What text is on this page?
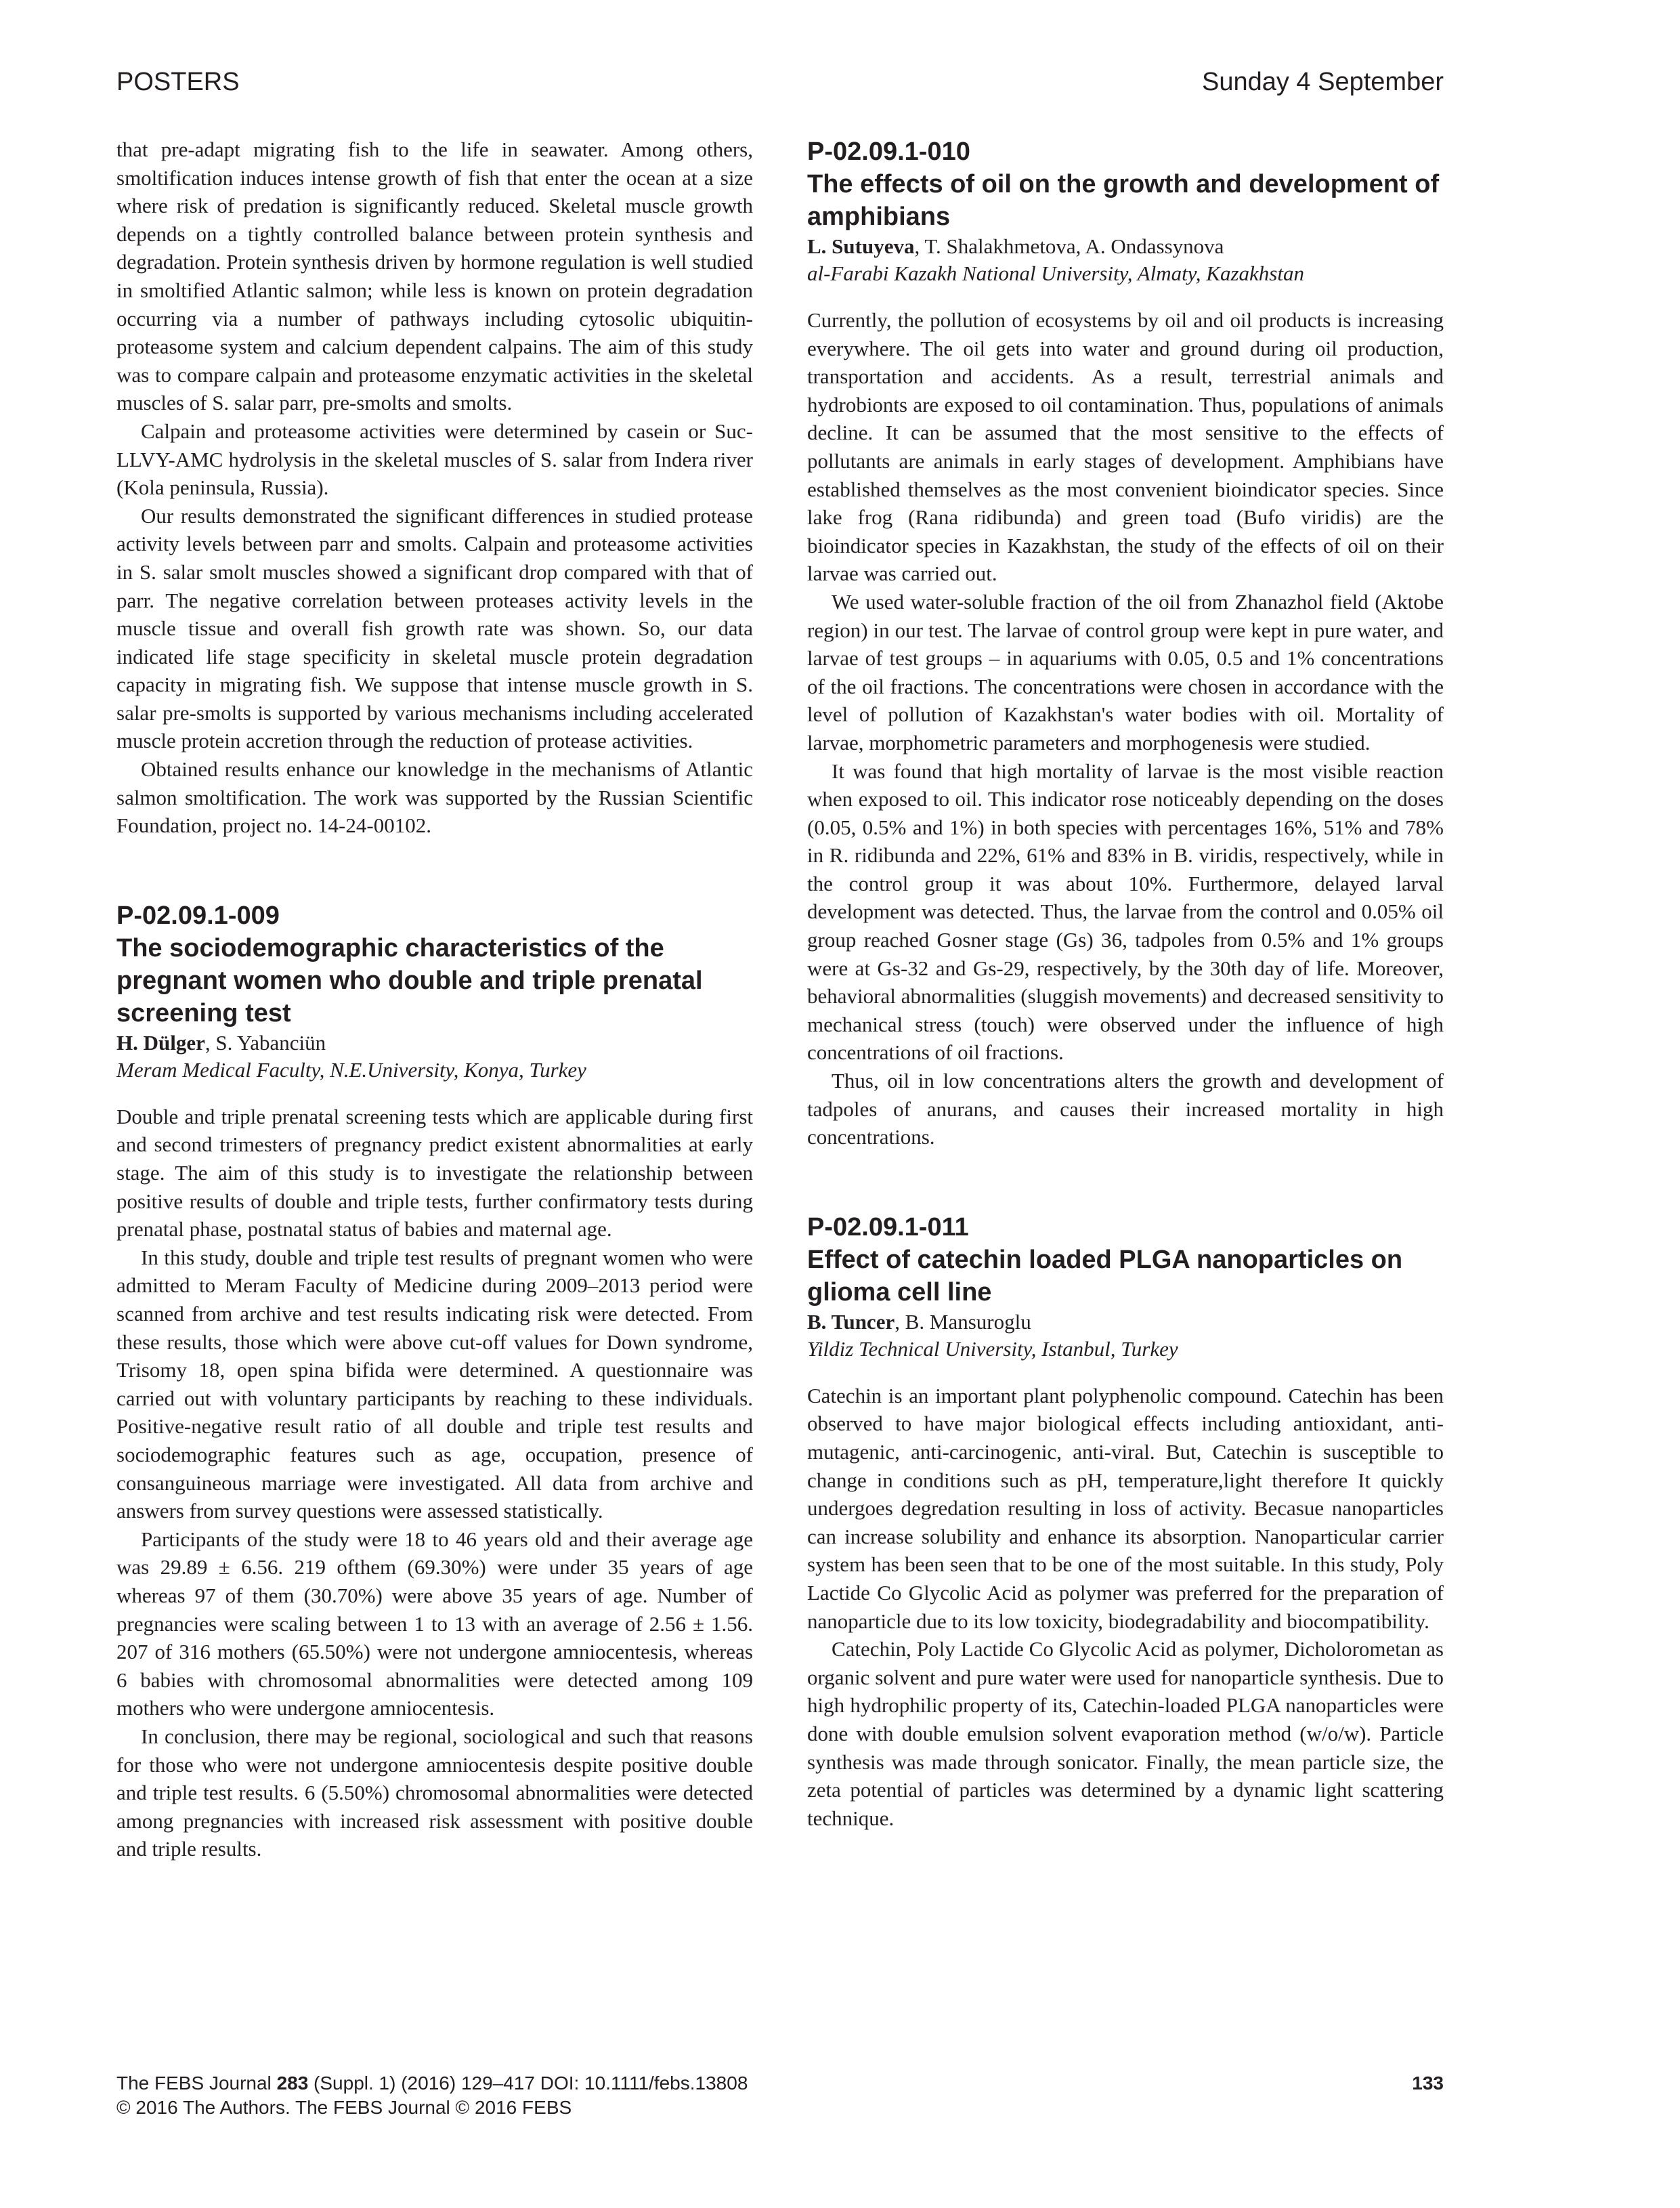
POSTERS	Sunday 4 September

that pre-adapt migrating fish to the life in seawater. Among others, smoltification induces intense growth of fish that enter the ocean at a size where risk of predation is significantly reduced. Skeletal muscle growth depends on a tightly controlled balance between protein synthesis and degradation. Protein synthesis driven by hormone regulation is well studied in smoltified Atlantic salmon; while less is known on protein degradation occurring via a number of pathways including cytosolic ubiquitin-proteasome system and calcium dependent calpains. The aim of this study was to compare calpain and proteasome enzymatic activities in the skeletal muscles of S. salar parr, pre-smolts and smolts.

Calpain and proteasome activities were determined by casein or Suc-LLVY-AMC hydrolysis in the skeletal muscles of S. salar from Indera river (Kola peninsula, Russia).

Our results demonstrated the significant differences in studied protease activity levels between parr and smolts. Calpain and proteasome activities in S. salar smolt muscles showed a significant drop compared with that of parr. The negative correlation between proteases activity levels in the muscle tissue and overall fish growth rate was shown. So, our data indicated life stage specificity in skeletal muscle protein degradation capacity in migrating fish. We suppose that intense muscle growth in S. salar pre-smolts is supported by various mechanisms including accelerated muscle protein accretion through the reduction of protease activities.

Obtained results enhance our knowledge in the mechanisms of Atlantic salmon smoltification. The work was supported by the Russian Scientific Foundation, project no. 14-24-00102.

P-02.09.1-009
The sociodemographic characteristics of the pregnant women who double and triple prenatal screening test
H. Dülger, S. Yabanciün
Meram Medical Faculty, N.E.University, Konya, Turkey

Double and triple prenatal screening tests which are applicable during first and second trimesters of pregnancy predict existent abnormalities at early stage. The aim of this study is to investigate the relationship between positive results of double and triple tests, further confirmatory tests during prenatal phase, postnatal status of babies and maternal age.

In this study, double and triple test results of pregnant women who were admitted to Meram Faculty of Medicine during 2009–2013 period were scanned from archive and test results indicating risk were detected. From these results, those which were above cut-off values for Down syndrome, Trisomy 18, open spina bifida were determined. A questionnaire was carried out with voluntary participants by reaching to these individuals. Positive-negative result ratio of all double and triple test results and sociodemographic features such as age, occupation, presence of consanguineous marriage were investigated. All data from archive and answers from survey questions were assessed statistically.

Participants of the study were 18 to 46 years old and their average age was 29.89 ± 6.56. 219 ofthem (69.30%) were under 35 years of age whereas 97 of them (30.70%) were above 35 years of age. Number of pregnancies were scaling between 1 to 13 with an average of 2.56 ± 1.56. 207 of 316 mothers (65.50%) were not undergone amniocentesis, whereas 6 babies with chromosomal abnormalities were detected among 109 mothers who were undergone amniocentesis.

In conclusion, there may be regional, sociological and such that reasons for those who were not undergone amniocentesis despite positive double and triple test results. 6 (5.50%) chromosomal abnormalities were detected among pregnancies with increased risk assessment with positive double and triple results.

P-02.09.1-010
The effects of oil on the growth and development of amphibians
L. Sutuyeva, T. Shalakhmetova, A. Ondassynova
al-Farabi Kazakh National University, Almaty, Kazakhstan

Currently, the pollution of ecosystems by oil and oil products is increasing everywhere. The oil gets into water and ground during oil production, transportation and accidents. As a result, terrestrial animals and hydrobionts are exposed to oil contamination. Thus, populations of animals decline. It can be assumed that the most sensitive to the effects of pollutants are animals in early stages of development. Amphibians have established themselves as the most convenient bioindicator species. Since lake frog (Rana ridibunda) and green toad (Bufo viridis) are the bioindicator species in Kazakhstan, the study of the effects of oil on their larvae was carried out.

We used water-soluble fraction of the oil from Zhanazhol field (Aktobe region) in our test. The larvae of control group were kept in pure water, and larvae of test groups – in aquariums with 0.05, 0.5 and 1% concentrations of the oil fractions. The concentrations were chosen in accordance with the level of pollution of Kazakhstan's water bodies with oil. Mortality of larvae, morphometric parameters and morphogenesis were studied.

It was found that high mortality of larvae is the most visible reaction when exposed to oil. This indicator rose noticeably depending on the doses (0.05, 0.5% and 1%) in both species with percentages 16%, 51% and 78% in R. ridibunda and 22%, 61% and 83% in B. viridis, respectively, while in the control group it was about 10%. Furthermore, delayed larval development was detected. Thus, the larvae from the control and 0.05% oil group reached Gosner stage (Gs) 36, tadpoles from 0.5% and 1% groups were at Gs-32 and Gs-29, respectively, by the 30th day of life. Moreover, behavioral abnormalities (sluggish movements) and decreased sensitivity to mechanical stress (touch) were observed under the influence of high concentrations of oil fractions.

Thus, oil in low concentrations alters the growth and development of tadpoles of anurans, and causes their increased mortality in high concentrations.

P-02.09.1-011
Effect of catechin loaded PLGA nanoparticles on glioma cell line
B. Tuncer, B. Mansuroglu
Yildiz Technical University, Istanbul, Turkey

Catechin is an important plant polyphenolic compound. Catechin has been observed to have major biological effects including antioxidant, anti-mutagenic, anti-carcinogenic, anti-viral. But, Catechin is susceptible to change in conditions such as pH, temperature,light therefore It quickly undergoes degredation resulting in loss of activity. Becasue nanoparticles can increase solubility and enhance its absorption. Nanoparticular carrier system has been seen that to be one of the most suitable. In this study, Poly Lactide Co Glycolic Acid as polymer was preferred for the preparation of nanoparticle due to its low toxicity, biodegradability and biocompatibility.

Catechin, Poly Lactide Co Glycolic Acid as polymer, Dicholorometan as organic solvent and pure water were used for nanoparticle synthesis. Due to high hydrophilic property of its, Catechin-loaded PLGA nanoparticles were done with double emulsion solvent evaporation method (w/o/w). Particle synthesis was made through sonicator. Finally, the mean particle size, the zeta potential of particles was determined by a dynamic light scattering technique.

The FEBS Journal 283 (Suppl. 1) (2016) 129–417 DOI: 10.1111/febs.13808
© 2016 The Authors. The FEBS Journal © 2016 FEBS
133
